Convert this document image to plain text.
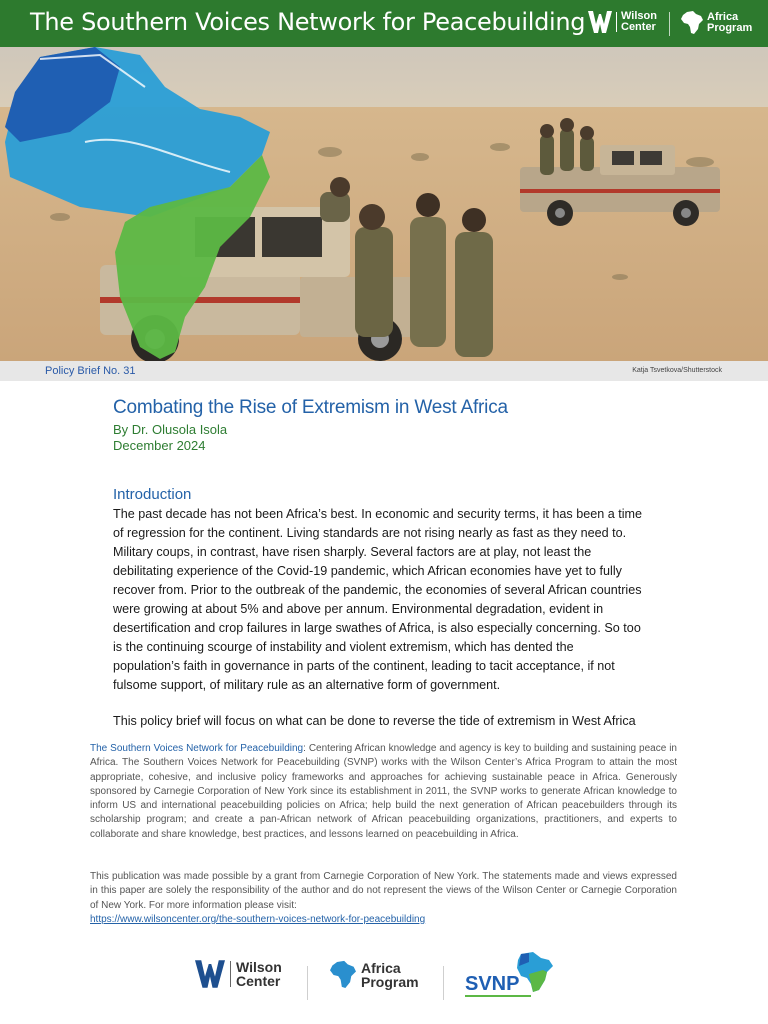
The Southern Voices Network for Peacebuilding	Wilson
Center
Africa
Program
Policy Brief No. 31	Katja Tsvetkova/Shutterstock
Combating the Rise of Extremism in West Africa
By Dr. Olusola Isola
December 2024
Introduction

The past decade has not been Africa’s best. In economic and security terms, it has been a time of regression for the continent. Living standards are not rising nearly as fast as they need to. Military coups, in contrast, have risen sharply. Several factors are at play, not least the debilitating experience of the Covid-19 pandemic, which African economies have yet to fully recover from. Prior to the outbreak of the pandemic, the economies of several African countries were growing at about 5% and above per annum. Environmental degradation, evident in desertification and crop failures in large swathes of Africa, is also especially concerning. So too is the continuing scourge of instability and violent extremism, which has dented the population’s faith in governance in parts of the continent, leading to tacit acceptance, if not fulsome support, of military rule as an alternative form of government.

This policy brief will focus on what can be done to reverse the tide of extremism in West Africa

The Southern Voices Network for Peacebuilding: Centering African knowledge and agency is key to building and sustaining peace in Africa. The Southern Voices Network for Peacebuilding (SVNP) works with the Wilson Center’s Africa Program to attain the most appropriate, cohesive, and inclusive policy frameworks and approaches for achieving sustainable peace in Africa. Generously sponsored by Carnegie Corporation of New York since its establishment in 2011, the SVNP works to generate African knowledge to inform US and international peacebuilding policies on Africa; help build the next generation of African peacebuilders through its scholarship program; and create a pan-African network of African peacebuilding organizations, practitioners, and experts to collaborate and share knowledge, best practices, and lessons learned on peacebuilding in Africa.

This publication was made possible by a grant from Carnegie Corporation of New York. The statements made and views expressed in this paper are solely the responsibility of the author and do not represent the views of the Wilson Center or Carnegie Corporation of New York. For more information please visit:
https://www.wilsoncenter.org/the-southern-voices-network-for-peacebuilding

Wilson
Center
Africa
Program SVNP
